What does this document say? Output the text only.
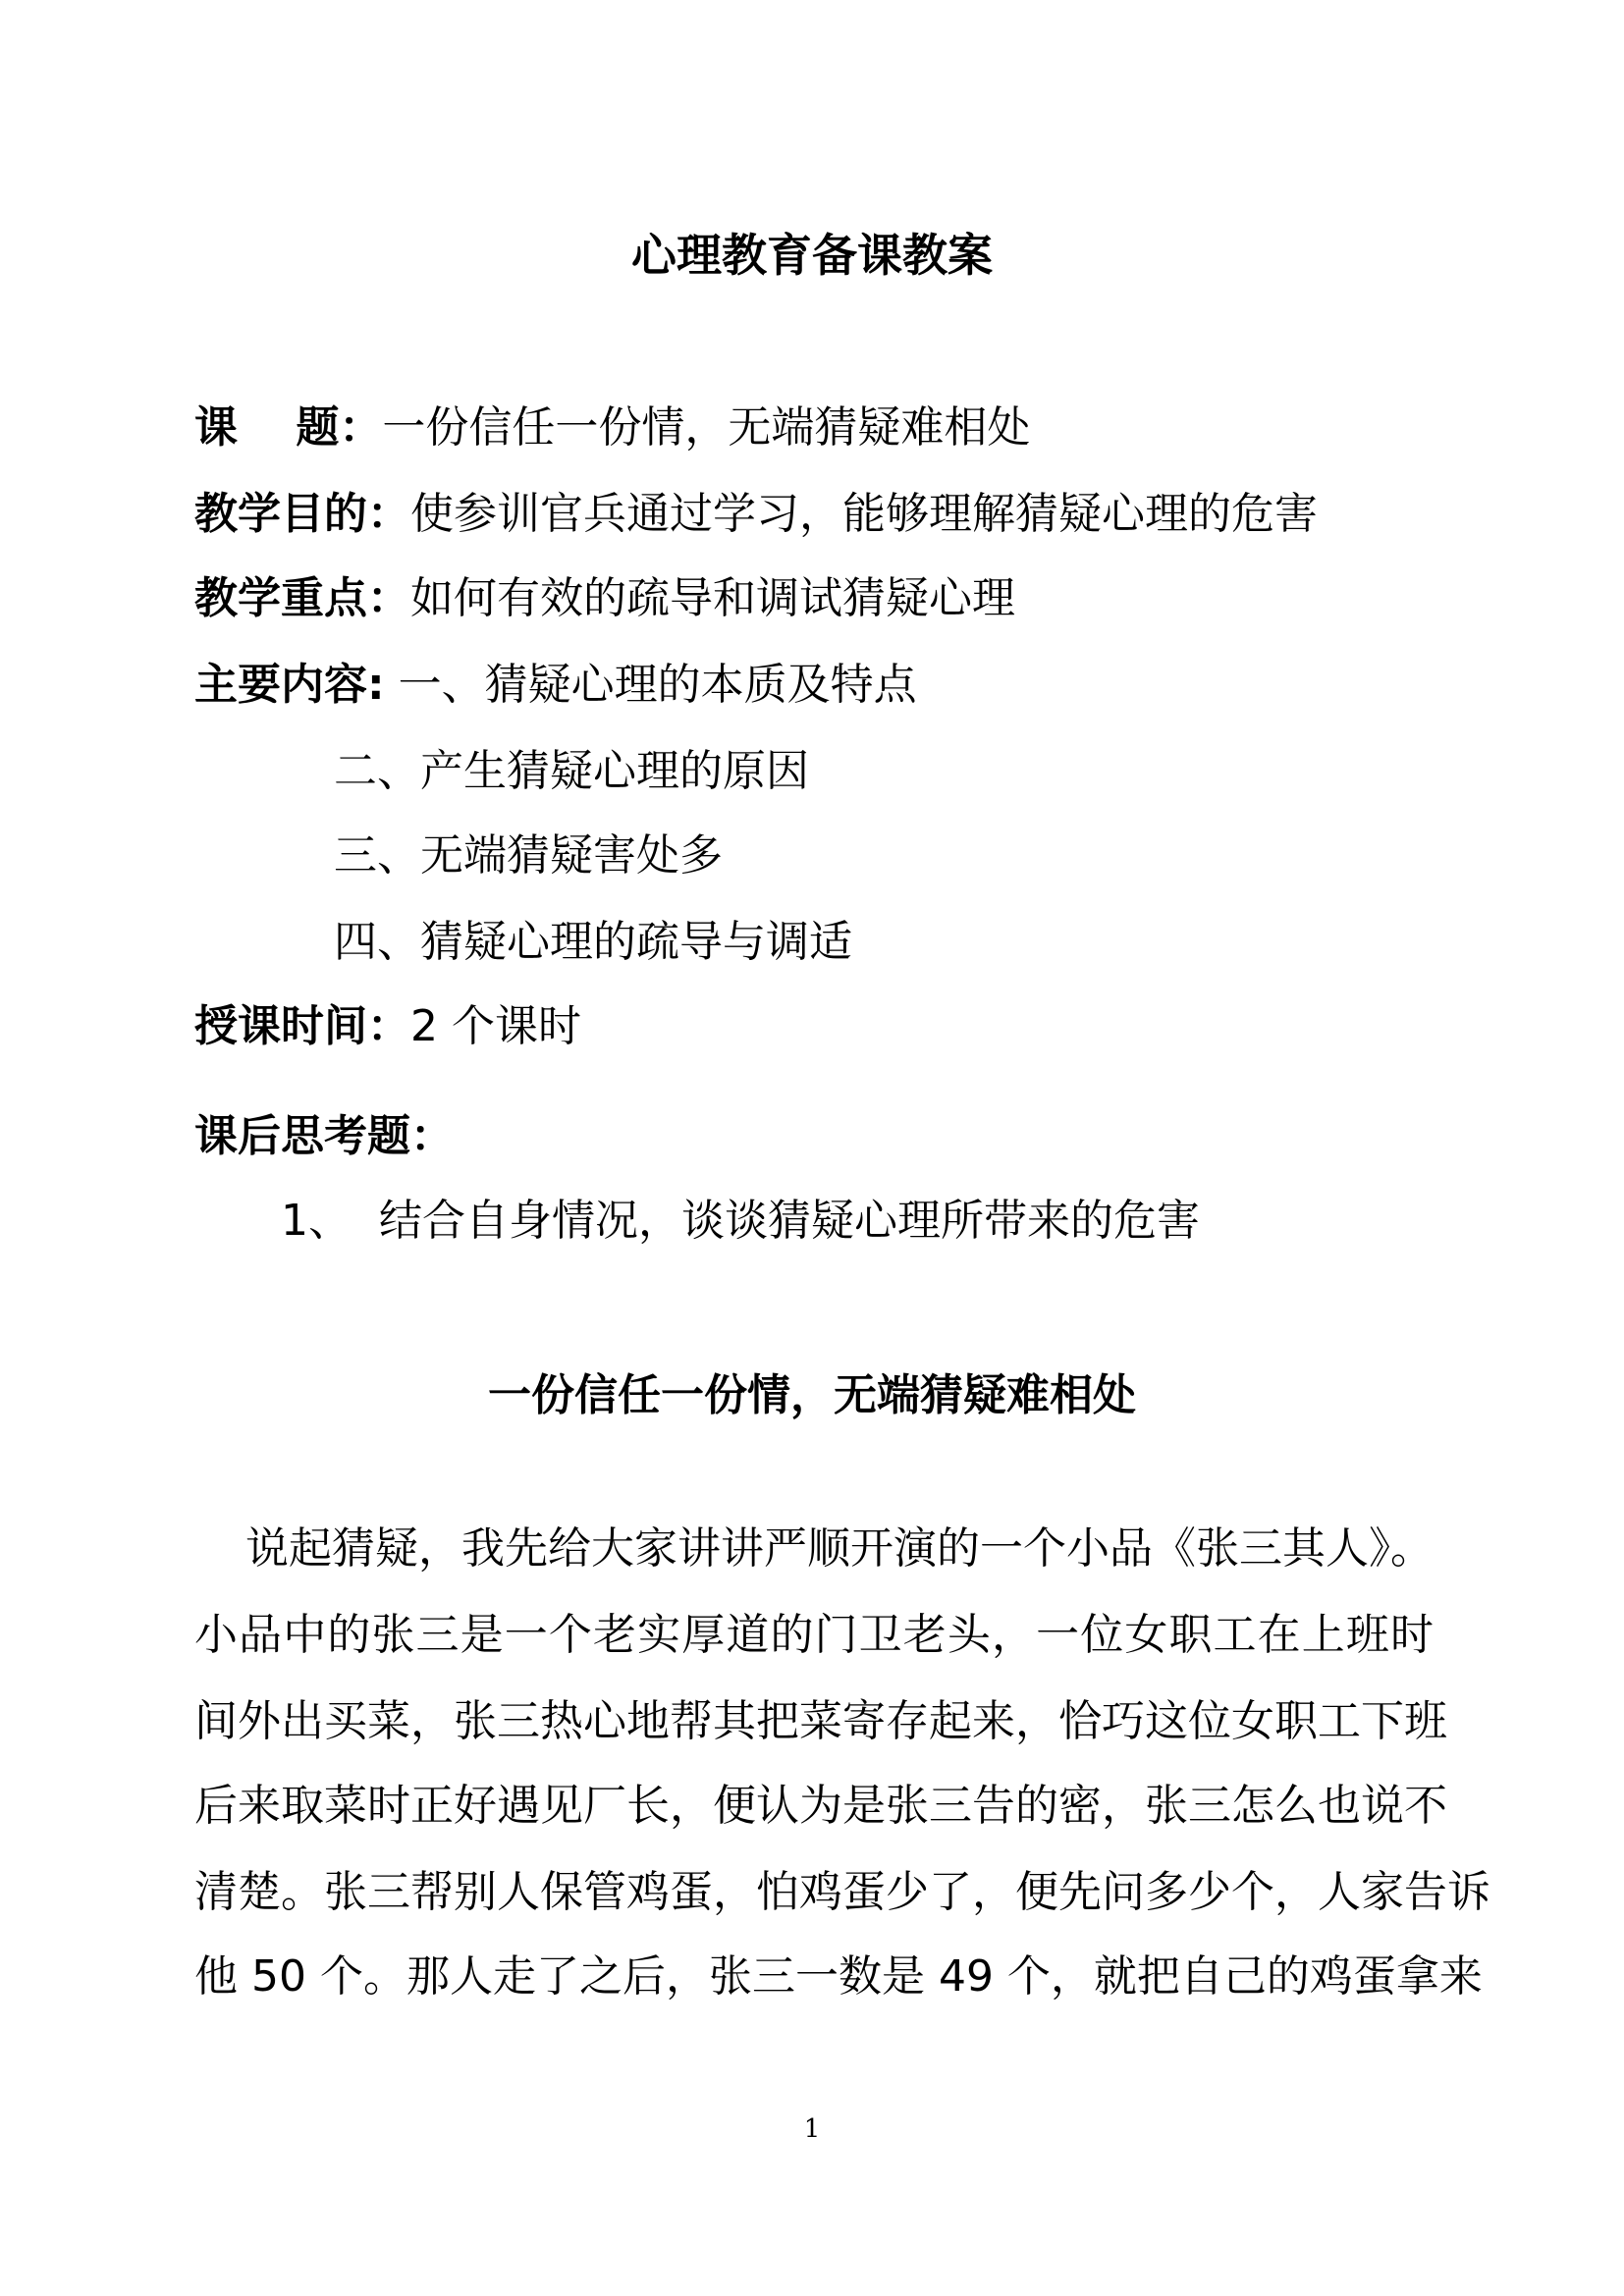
心理教育备课教案
课　 题：一份信任一份情，无端猜疑难相处
教学目的：使参训官兵通过学习，能够理解猜疑心理的危害
教学重点：如何有效的疏导和调试猜疑心理
主要内容: 一、猜疑心理的本质及特点
二、产生猜疑心理的原因
三、无端猜疑害处多
四、猜疑心理的疏导与调适
授课时间：2 个课时
课后思考题：
1、 结合自身情况，谈谈猜疑心理所带来的危害
一份信任一份情，无端猜疑难相处
说起猜疑，我先给大家讲讲严顺开演的一个小品《张三其人》。
小品中的张三是一个老实厚道的门卫老头，一位女职工在上班时
间外出买菜，张三热心地帮其把菜寄存起来，恰巧这位女职工下班
后来取菜时正好遇见厂长，便认为是张三告的密，张三怎么也说不
清楚。张三帮别人保管鸡蛋，怕鸡蛋少了，便先问多少个，人家告诉
他 50 个。那人走了之后，张三一数是 49 个，就把自己的鸡蛋拿来
1
